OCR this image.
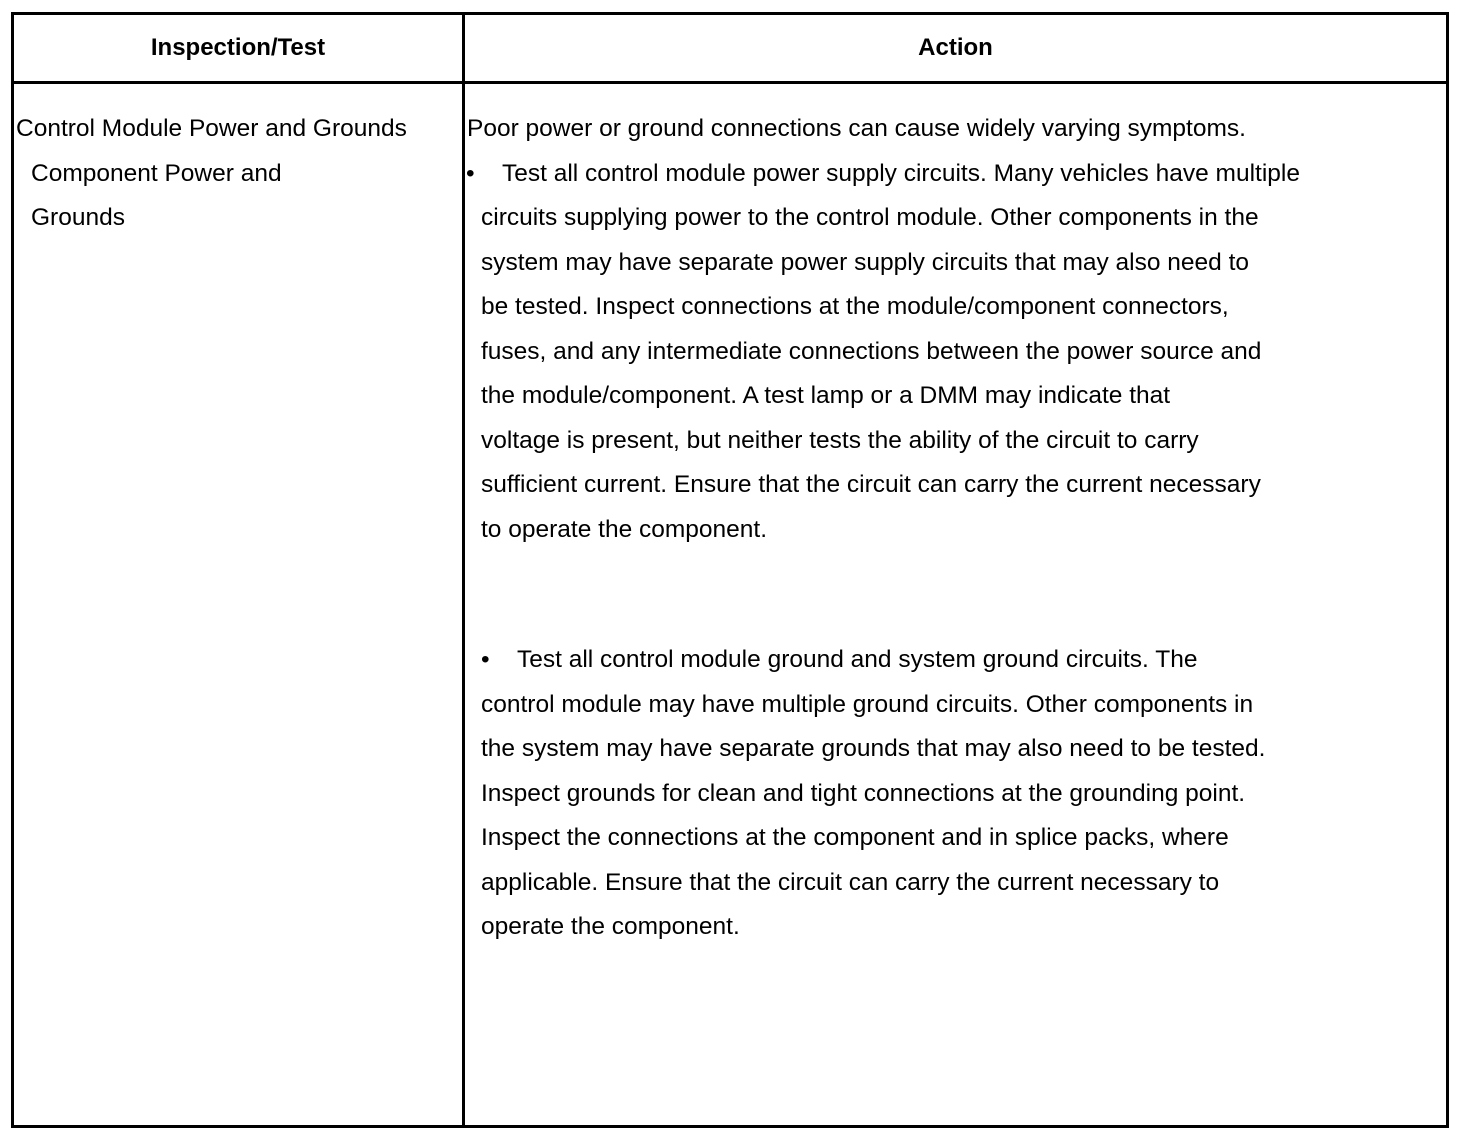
Inspection/Test	Action
Control Module Power and Grounds
Component Power and
Grounds
Poor power or ground connections can cause widely varying symptoms.
• Test all control module power supply circuits. Many vehicles have multiple
circuits supplying power to the control module. Other components in the
system may have separate power supply circuits that may also need to
be tested. Inspect connections at the module/component connectors,
fuses, and any intermediate connections between the power source and
the module/component. A test lamp or a DMM may indicate that
voltage is present, but neither tests the ability of the circuit to carry
sufficient current. Ensure that the circuit can carry the current necessary
to operate the component.
• Test all control module ground and system ground circuits. The
control module may have multiple ground circuits. Other components in
the system may have separate grounds that may also need to be tested.
Inspect grounds for clean and tight connections at the grounding point.
Inspect the connections at the component and in splice packs, where
applicable. Ensure that the circuit can carry the current necessary to
operate the component.
